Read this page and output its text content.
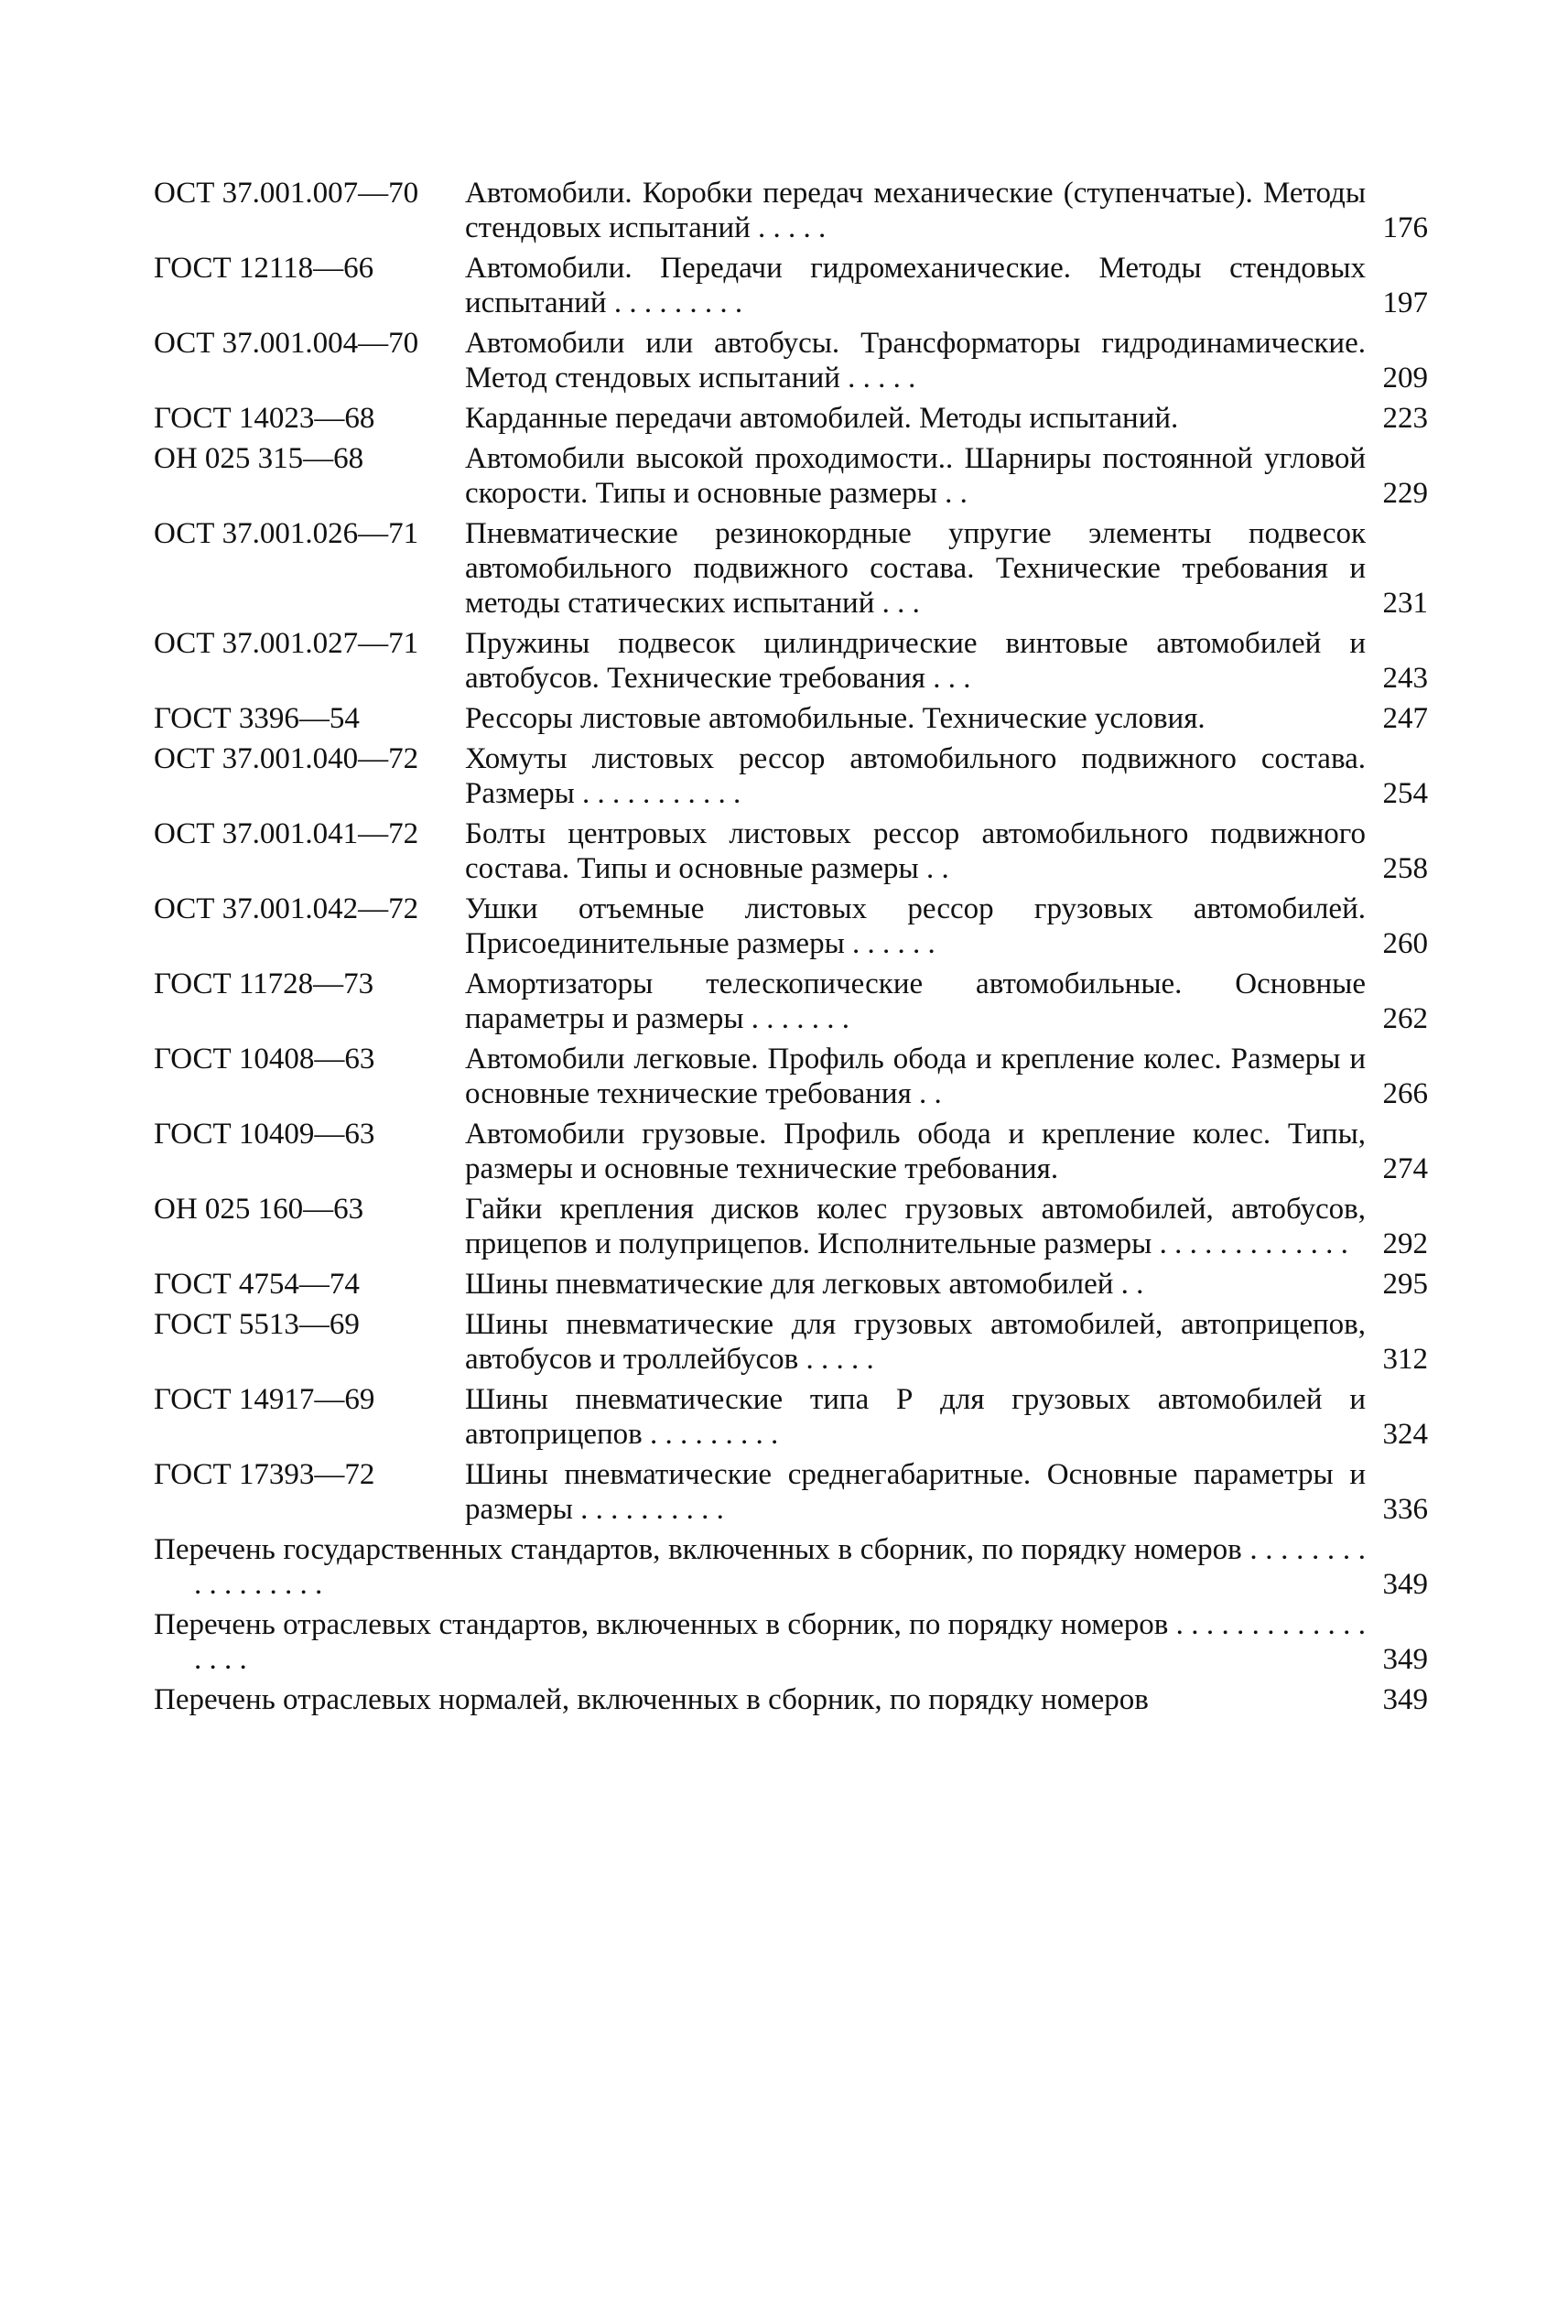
ОСТ 37.001.007—70	Автомобили. Коробки передач механические (ступенчатые). Методы стендовых испытаний . . . . .	176
ГОСТ 12118—66	Автомобили. Передачи гидромеханические. Методы стендовых испытаний . . . . . . . . .	197
ОСТ 37.001.004—70	Автомобили или автобусы. Трансформаторы гидродинамические. Метод стендовых испытаний . . . . .	209
ГОСТ 14023—68	Карданные передачи автомобилей. Методы испытаний.	223
ОН 025 315—68	Автомобили высокой проходимости.. Шарниры постоянной угловой скорости. Типы и основные размеры . .	229
ОСТ 37.001.026—71	Пневматические резинокордные упругие элементы подвесок автомобильного подвижного состава. Технические требования и методы статических испытаний . . .	231
ОСТ 37.001.027—71	Пружины подвесок цилиндрические винтовые автомобилей и автобусов. Технические требования . . .	243
ГОСТ 3396—54	Рессоры листовые автомобильные. Технические условия.	247
ОСТ 37.001.040—72	Хомуты листовых рессор автомобильного подвижного состава. Размеры . . . . . . . . . . .	254
ОСТ 37.001.041—72	Болты центровых листовых рессор автомобильного подвижного состава. Типы и основные размеры . .	258
ОСТ 37.001.042—72	Ушки отъемные листовых рессор грузовых автомобилей. Присоединительные размеры . . . . . .	260
ГОСТ 11728—73	Амортизаторы телескопические автомобильные. Основные параметры и размеры . . . . . . .	262
ГОСТ 10408—63	Автомобили легковые. Профиль обода и крепление колес. Размеры и основные технические требования . .	266
ГОСТ 10409—63	Автомобили грузовые. Профиль обода и крепление колес. Типы, размеры и основные технические требования.	274
ОН 025 160—63	Гайки крепления дисков колес грузовых автомобилей, автобусов, прицепов и полуприцепов. Исполнительные размеры . . . . . . . . . . . . .	292
ГОСТ 4754—74	Шины пневматические для легковых автомобилей . .	295
ГОСТ 5513—69	Шины пневматические для грузовых автомобилей, автоприцепов, автобусов и троллейбусов . . . . .	312
ГОСТ 14917—69	Шины пневматические типа Р для грузовых автомобилей и автоприцепов . . . . . . . . .	324
ГОСТ 17393—72	Шины пневматические среднегабаритные. Основные параметры и размеры . . . . . . . . . .	336
Перечень государственных стандартов, включенных в сборник, по порядку номеров . . . . . . . . . . . . . . . . .	349
Перечень отраслевых стандартов, включенных в сборник, по порядку номеров . . . . . . . . . . . . . . . . .	349
Перечень отраслевых нормалей, включенных в сборник, по порядку номеров	349
